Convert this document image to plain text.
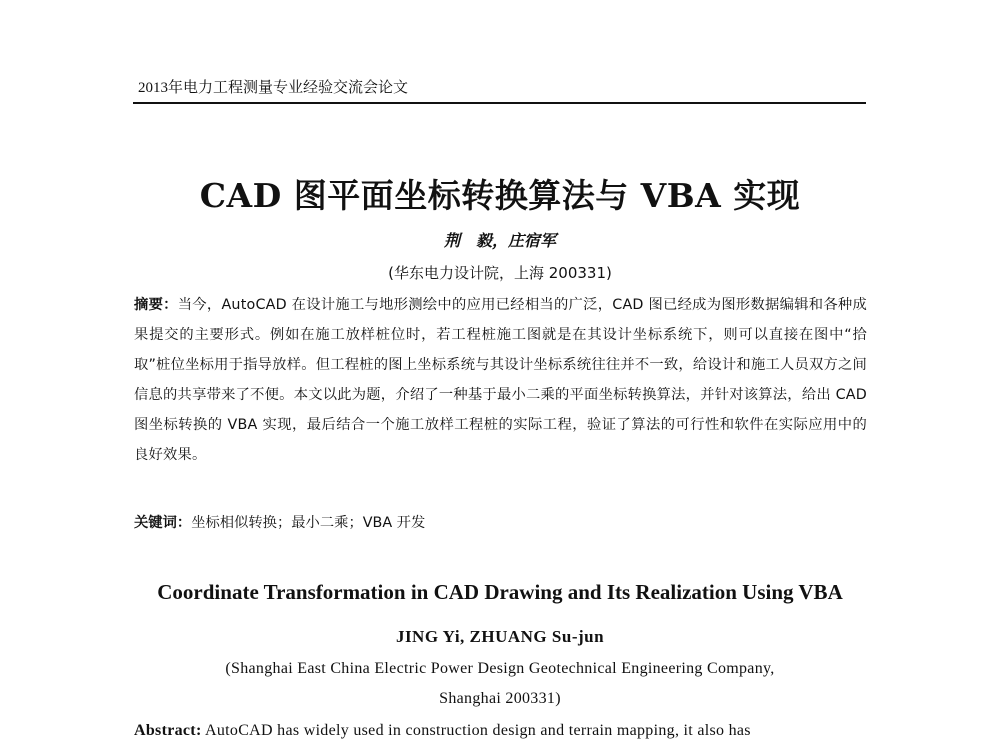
2013年电力工程测量专业经验交流会论文
CAD 图平面坐标转换算法与 VBA 实现
荆　毅，庄宿军
(华东电力设计院，上海 200331)
摘要：当今，AutoCAD 在设计施工与地形测绘中的应用已经相当的广泛，CAD 图已经成为图形数据编辑和各种成果提交的主要形式。例如在施工放样桩位时，若工程桩施工图就是在其设计坐标系统下，则可以直接在图中“拾取”桩位坐标用于指导放样。但工程桩的图上坐标系统与其设计坐标系统往往并不一致，给设计和施工人员双方之间信息的共享带来了不便。本文以此为题，介绍了一种基于最小二乘的平面坐标转换算法，并针对该算法，给出 CAD 图坐标转换的 VBA 实现，最后结合一个施工放样工程桩的实际工程，验证了算法的可行性和软件在实际应用中的良好效果。
关键词：坐标相似转换；最小二乘；VBA 开发
Coordinate Transformation in CAD Drawing and Its Realization Using VBA
JING Yi, ZHUANG Su-jun
(Shanghai East China Electric Power Design Geotechnical Engineering Company,
Shanghai 200331)
Abstract: AutoCAD has widely used in construction design and terrain mapping, it also has
